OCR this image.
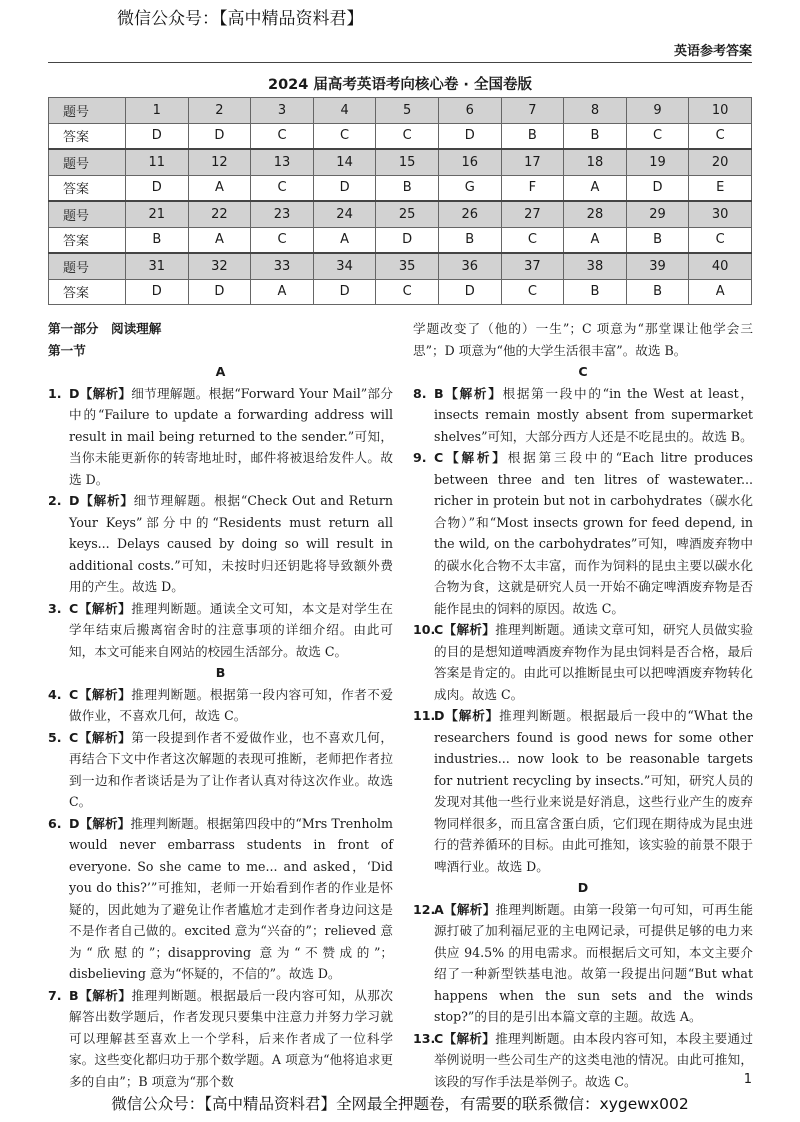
微信公众号：【高中精品资料君】
英语参考答案
2024 届高考英语考向核心卷 · 全国卷版
题号	1	2	3	4	5	6	7	8	9	10
答案	D	D	C	C	C	D	B	B	C	C
题号	11	12	13	14	15	16	17	18	19	20
答案	D	A	C	D	B	G	F	A	D	E
题号	21	22	23	24	25	26	27	28	29	30
答案	B	A	C	A	D	B	C	A	B	C
题号	31	32	33	34	35	36	37	38	39	40
答案	D	D	A	D	C	D	C	B	B	A
第一部分　阅读理解
第一节
A
1. D【解析】细节理解题。根据“Forward Your Mail”部分中的“Failure to update a forwarding address will result in mail being returned to the sender.”可知，当你未能更新你的转寄地址时，邮件将被退给发件人。故选 D。
2. D【解析】细节理解题。根据“Check Out and Return Your Keys”部分中的“Residents must return all keys... Delays caused by doing so will result in additional costs.”可知，未按时归还钥匙将导致额外费用的产生。故选 D。
3. C【解析】推理判断题。通读全文可知，本文是对学生在学年结束后搬离宿舍时的注意事项的详细介绍。由此可知，本文可能来自网站的校园生活部分。故选 C。
B
4. C【解析】推理判断题。根据第一段内容可知，作者不爱做作业，不喜欢几何，故选 C。
5. C【解析】第一段提到作者不爱做作业，也不喜欢几何，再结合下文中作者这次解题的表现可推断，老师把作者拉到一边和作者谈话是为了让作者认真对待这次作业。故选 C。
6. D【解析】推理判断题。根据第四段中的“Mrs Trenholm would never embarrass students in front of everyone. So she came to me... and asked，‘Did you do this?’”可推知，老师一开始看到作者的作业是怀疑的，因此她为了避免让作者尴尬才走到作者身边问这是不是作者自己做的。excited 意为“兴奋的”；relieved 意为“欣慰的”；disapproving 意为“不赞成的”；disbelieving 意为“怀疑的，不信的”。故选 D。
7. B【解析】推理判断题。根据最后一段内容可知，从那次解答出数学题后，作者发现只要集中注意力并努力学习就可以理解甚至喜欢上一个学科，后来作者成了一位科学家。这些变化都归功于那个数学题。A 项意为“他将追求更多的自由”；B 项意为“那个数
学题改变了（他的）一生”；C 项意为“那堂课让他学会三思”；D 项意为“他的大学生活很丰富”。故选 B。
C
8. B【解析】根据第一段中的“in the West at least，insects remain mostly absent from supermarket shelves”可知，大部分西方人还是不吃昆虫的。故选 B。
9. C【解析】根据第三段中的“Each litre produces between three and ten litres of wastewater... richer in protein but not in carbohydrates（碳水化合物）”和“Most insects grown for feed depend, in the wild, on the carbohydrates”可知，啤酒废弃物中的碳水化合物不太丰富，而作为饲料的昆虫主要以碳水化合物为食，这就是研究人员一开始不确定啤酒废弃物是否能作昆虫的饲料的原因。故选 C。
10.
C【解析】推理判断题。通读文章可知，研究人员做实验的目的是想知道啤酒废弃物作为昆虫饲料是否合格，最后答案是肯定的。由此可以推断昆虫可以把啤酒废弃物转化成肉。故选 C。
11.
D【解析】推理判断题。根据最后一段中的“What the researchers found is good news for some other industries... now look to be reasonable targets for nutrient recycling by insects.”可知，研究人员的发现对其他一些行业来说是好消息，这些行业产生的废弃物同样很多，而且富含蛋白质，它们现在期待成为昆虫进行的营养循环的目标。由此可推知，该实验的前景不限于啤酒行业。故选 D。
D
12.
A【解析】推理判断题。由第一段第一句可知，可再生能源打破了加利福尼亚的主电网记录，可提供足够的电力来供应 94.5% 的用电需求。而根据后文可知，本文主要介绍了一种新型铁基电池。故第一段提出问题“But what happens when the sun sets and the winds stop?”的目的是引出本篇文章的主题。故选 A。
13.
C【解析】推理判断题。由本段内容可知，本段主要通过举例说明一些公司生产的这类电池的情况。由此可推知，该段的写作手法是举例子。故选 C。	1
微信公众号：【高中精品资料君】全网最全押题卷，有需要的联系微信：xygewx002
